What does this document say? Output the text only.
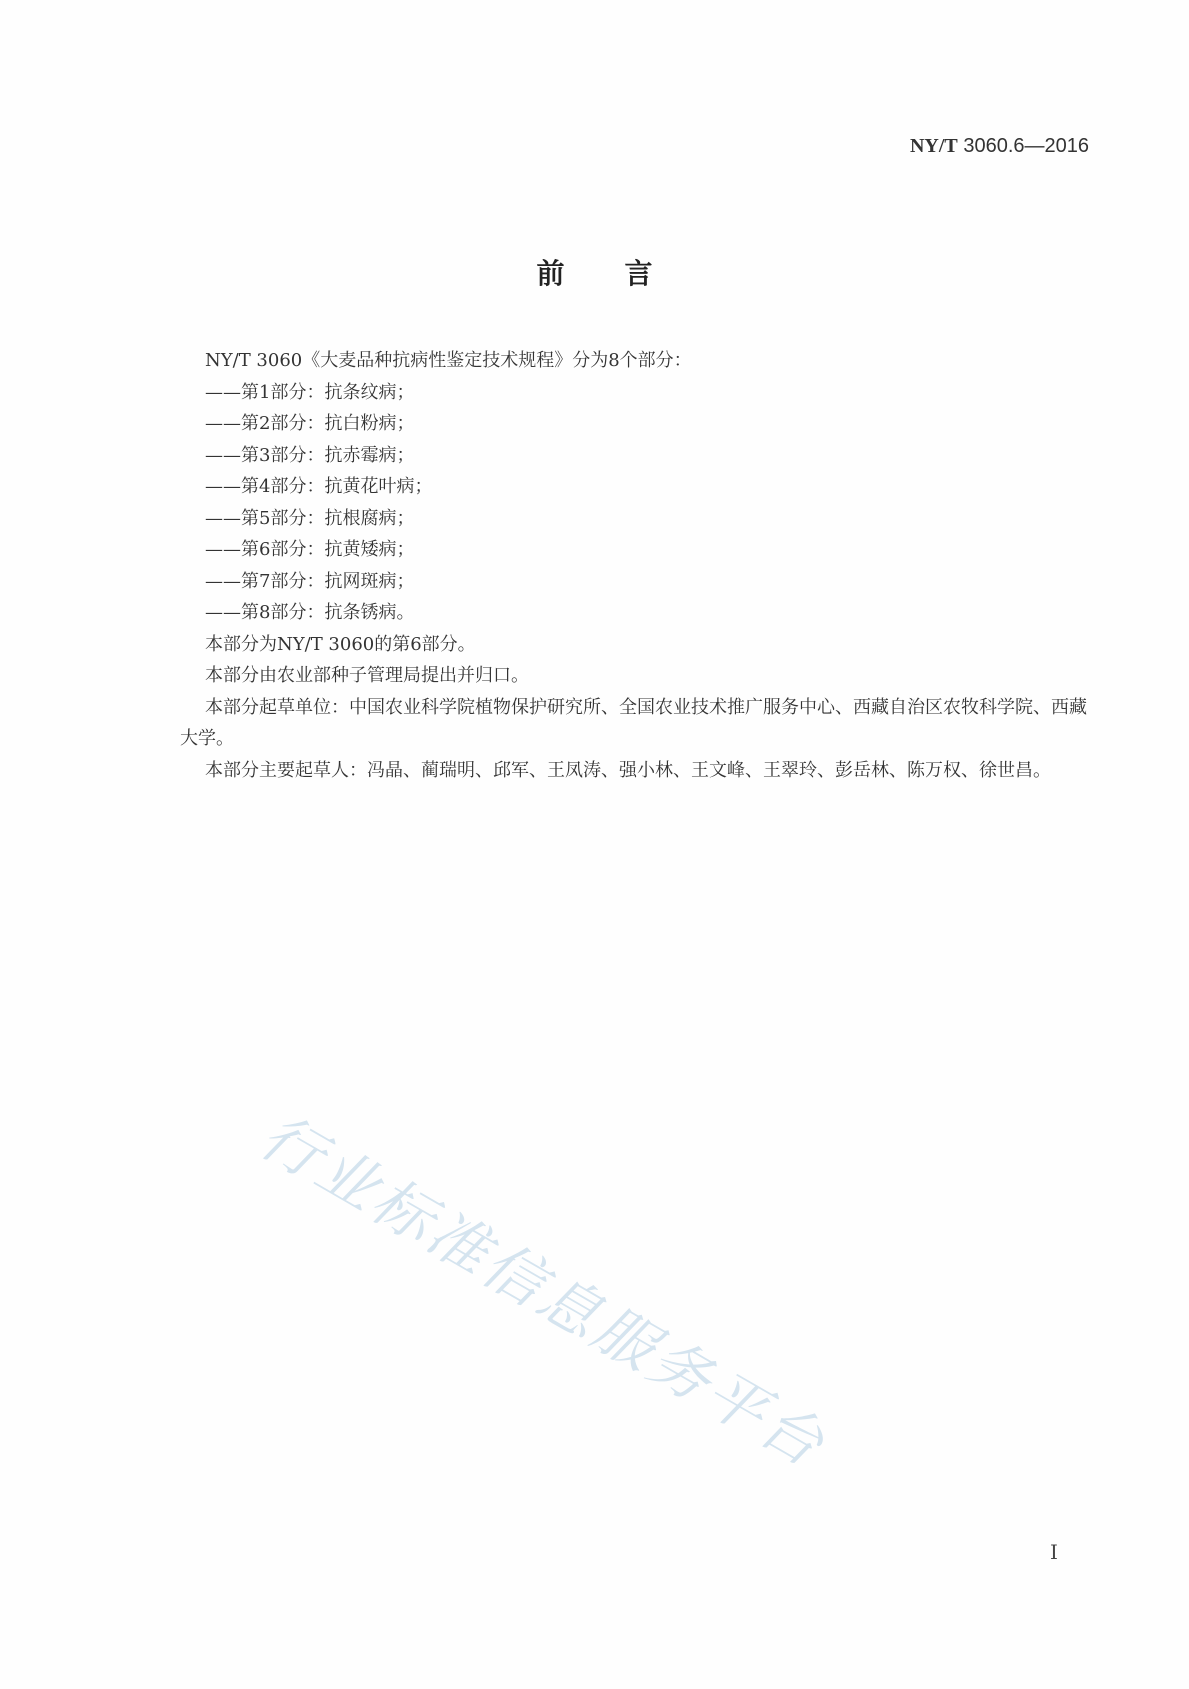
NY/T 3060.6—2016
前言

NY/T 3060《大麦品种抗病性鉴定技术规程》分为8个部分：

——第1部分：抗条纹病；

——第2部分：抗白粉病；

——第3部分：抗赤霉病；

——第4部分：抗黄花叶病；

——第5部分：抗根腐病；

——第6部分：抗黄矮病；

——第7部分：抗网斑病；

——第8部分：抗条锈病。

本部分为NY/T 3060的第6部分。

本部分由农业部种子管理局提出并归口。

本部分起草单位：中国农业科学院植物保护研究所、全国农业技术推广服务中心、西藏自治区农牧科学院、西藏大学。

本部分主要起草人：冯晶、蔺瑞明、邱军、王凤涛、强小林、王文峰、王翠玲、彭岳林、陈万权、徐世昌。

行业标准信息服务平台
I
